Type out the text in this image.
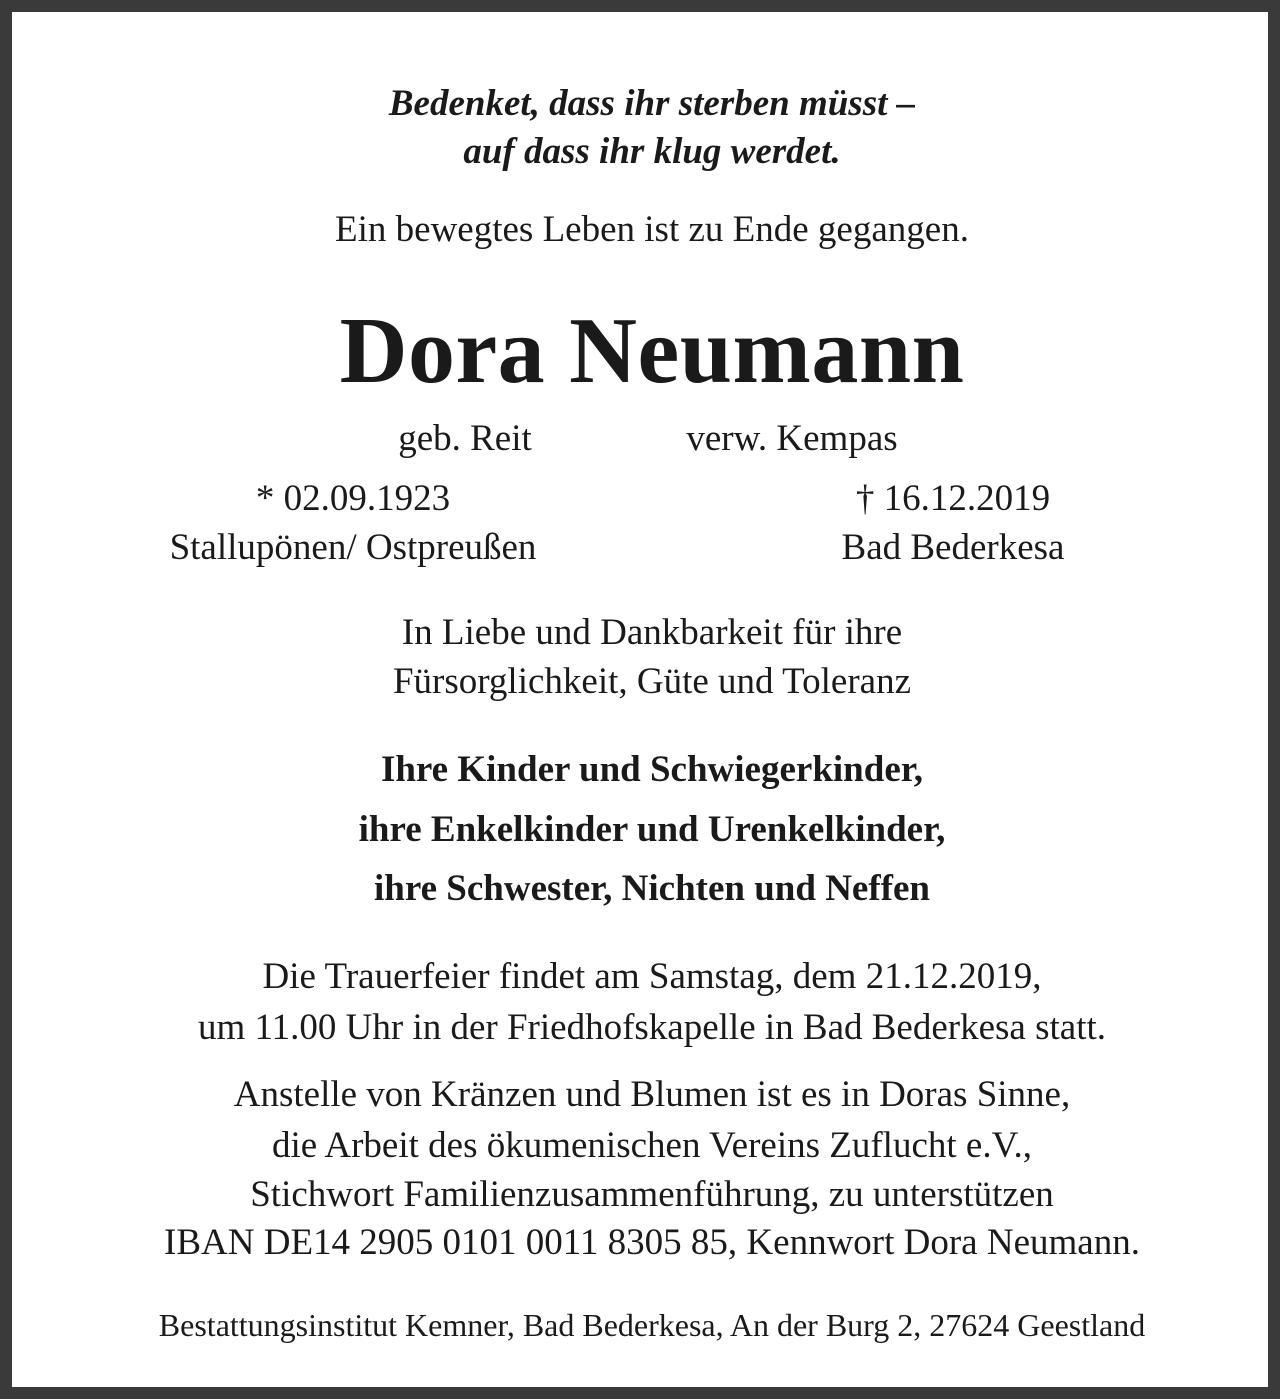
Bedenket, dass ihr sterben müsst –
auf dass ihr klug werdet.
Ein bewegtes Leben ist zu Ende gegangen.
Dora Neumann
geb. Reit	verw. Kempas
* 02.09.1923	† 16.12.2019
Stallupönen/ Ostpreußen	Bad Bederkesa
In Liebe und Dankbarkeit für ihre
Fürsorglichkeit, Güte und Toleranz
Ihre Kinder und Schwiegerkinder,
ihre Enkelkinder und Urenkelkinder,
ihre Schwester, Nichten und Neffen
Die Trauerfeier findet am Samstag, dem 21.12.2019,
um 11.00 Uhr in der Friedhofskapelle in Bad Bederkesa statt.
Anstelle von Kränzen und Blumen ist es in Doras Sinne,
die Arbeit des ökumenischen Vereins Zuflucht e.V.,
Stichwort Familienzusammenführung, zu unterstützen
IBAN DE14 2905 0101 0011 8305 85, Kennwort Dora Neumann.
Bestattungsinstitut Kemner, Bad Bederkesa, An der Burg 2, 27624 Geestland
